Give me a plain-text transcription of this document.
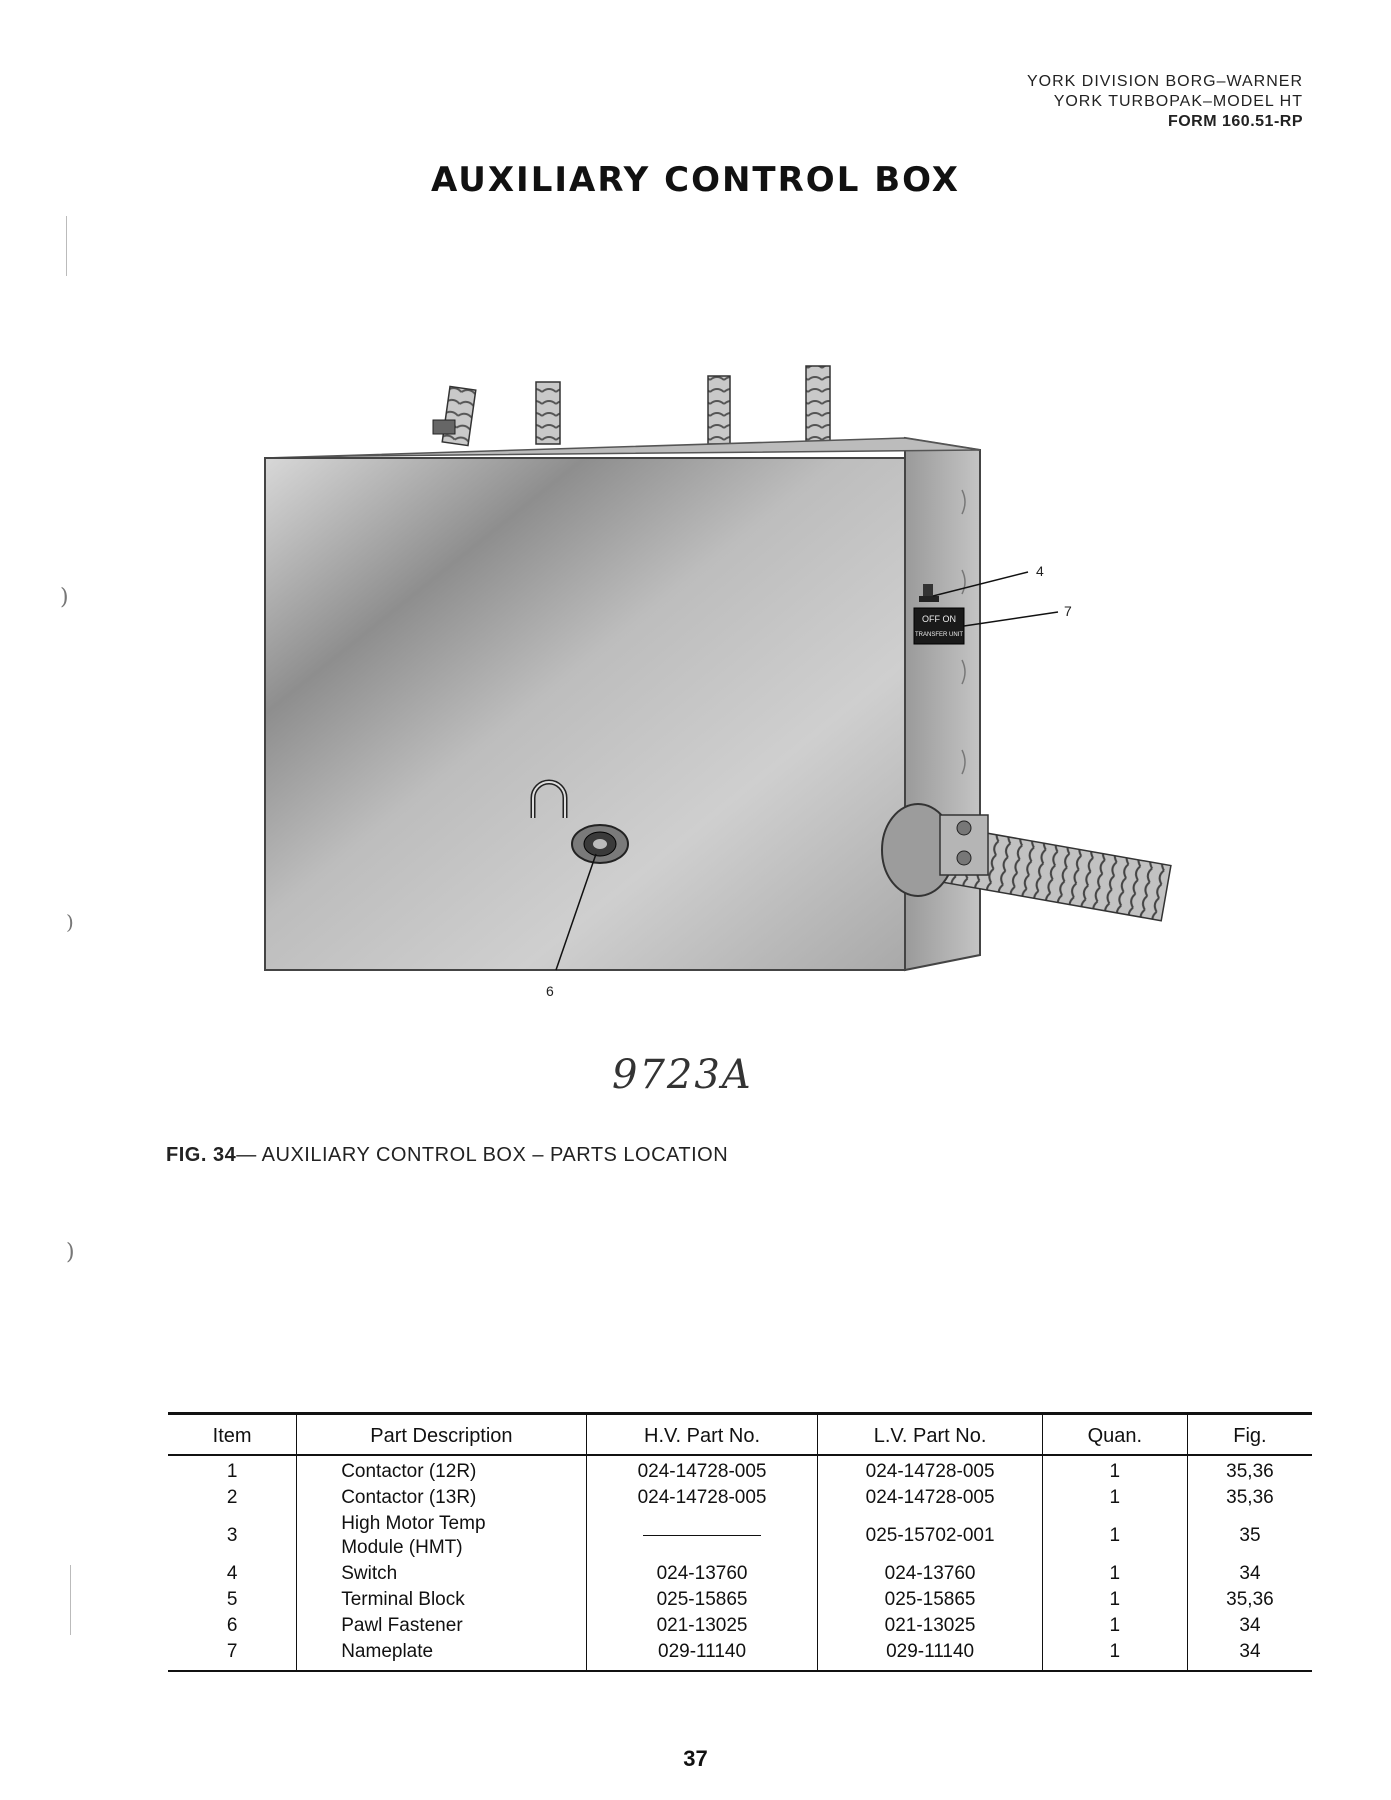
YORK DIVISION BORG–WARNER
YORK TURBOPAK–MODEL HT
FORM 160.51-RP
AUXILIARY CONTROL BOX
)
)
)
OFF ON
TRANSFER UNIT
4
7
6
9723A
FIG. 34— AUXILIARY CONTROL BOX – PARTS LOCATION
Item	Part Description	H.V. Part No.	L.V. Part No.	Quan.	Fig.
1	Contactor (12R)	024-14728-005	024-14728-005	1	35,36
2	Contactor (13R)	024-14728-005	024-14728-005	1	35,36
3	High Motor Temp
Module (HMT)		025-15702-001	1	35
4	Switch	024-13760	024-13760	1	34
5	Terminal Block	025-15865	025-15865	1	35,36
6	Pawl Fastener	021-13025	021-13025	1	34
7	Nameplate	029-11140	029-11140	1	34
37
